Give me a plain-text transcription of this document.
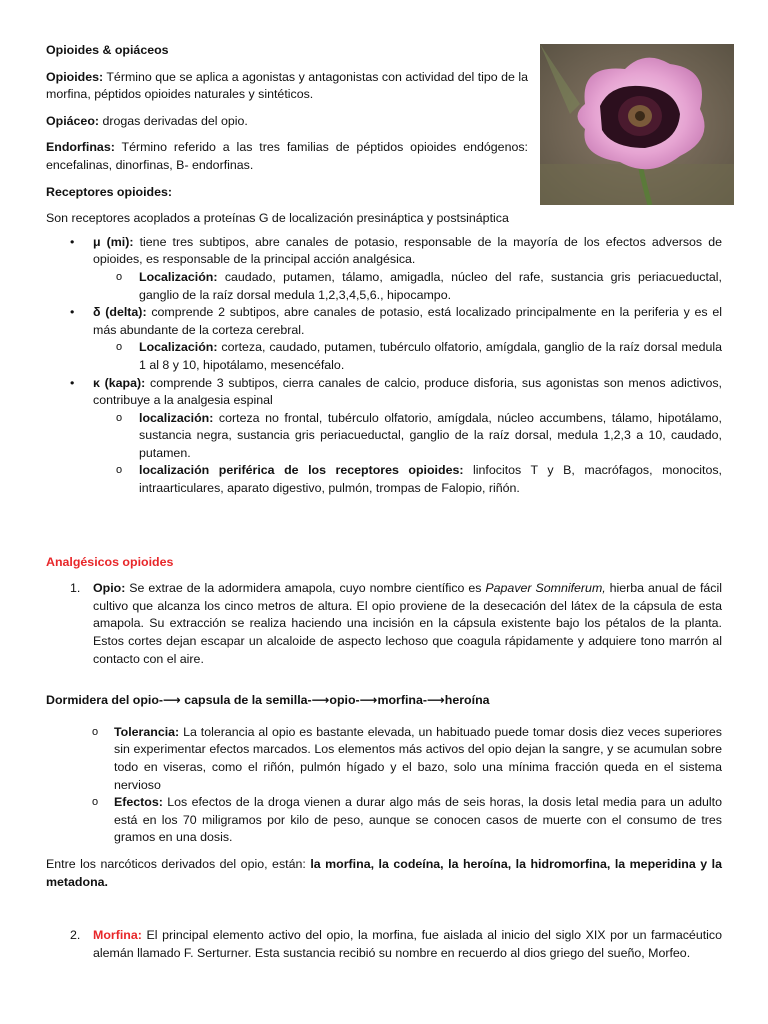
Opioides & opiáceos

Opioides: Término que se aplica a agonistas y antagonistas con actividad del tipo de la morfina, péptidos opioides naturales y sintéticos.

Opiáceo: drogas derivadas del opio.

Endorfinas: Término referido a las tres familias de péptidos opioides endógenos: encefalinas, dinorfinas, B- endorfinas.

Receptores opioides:

Son receptores acoplados a proteínas G de localización presináptica y postsináptica

• μ (mi): tiene tres subtipos, abre canales de potasio, responsable de la mayoría de los efectos adversos de opioides, es responsable de la principal acción analgésica.

o Localización: caudado, putamen, tálamo, amigadla, núcleo del rafe, sustancia gris periacueductal, ganglio de la raíz dorsal medula 1,2,3,4,5,6., hipocampo.

• δ (delta): comprende 2 subtipos, abre canales de potasio, está localizado principalmente en la periferia y es el más abundante de la corteza cerebral.

o Localización: corteza, caudado, putamen, tubérculo olfatorio, amígdala, ganglio de la raíz dorsal medula 1 al 8 y 10, hipotálamo, mesencéfalo.

• κ (kapa): comprende 3 subtipos, cierra canales de calcio, produce disforia, sus agonistas son menos adictivos, contribuye a la analgesia espinal

o localización: corteza no frontal, tubérculo olfatorio, amígdala, núcleo accumbens, tálamo, hipotálamo, sustancia negra, sustancia gris periacueductal, ganglio de la raíz dorsal, medula 1,2,3 a 10, caudado, putamen.

o localización periférica de los receptores opioides: linfocitos T y B, macrófagos, monocitos, intraarticulares, aparato digestivo, pulmón, trompas de Falopio, riñón.

Analgésicos opioides

1. Opio: Se extrae de la adormidera amapola, cuyo nombre científico es Papaver Somniferum, hierba anual de fácil cultivo que alcanza los cinco metros de altura. El opio proviene de la desecación del látex de la cápsula de esta amapola. Su extracción se realiza haciendo una incisión en la cápsula existente bajo los pétalos de la planta. Estos cortes dejan escapar un alcaloide de aspecto lechoso que coagula rápidamente y adquiere tono marrón al contacto con el aire.

Dormidera del opio-⟶ capsula de la semilla-⟶opio-⟶morfina-⟶heroína

o Tolerancia: La tolerancia al opio es bastante elevada, un habituado puede tomar dosis diez veces superiores sin experimentar efectos marcados. Los elementos más activos del opio dejan la sangre, y se acumulan sobre todo en viseras, como el riñón, pulmón hígado y el bazo, solo una mínima fracción queda en el sistema nervioso

o Efectos: Los efectos de la droga vienen a durar algo más de seis horas, la dosis letal media para un adulto está en los 70 miligramos por kilo de peso, aunque se conocen casos de muerte con el consumo de tres gramos en una dosis.

Entre los narcóticos derivados del opio, están: la morfina, la codeína, la heroína, la hidromorfina, la meperidina y la metadona.

2. Morfina: El principal elemento activo del opio, la morfina, fue aislada al inicio del siglo XIX por un farmacéutico alemán llamado F. Serturner. Esta sustancia recibió su nombre en recuerdo al dios griego del sueño, Morfeo.
